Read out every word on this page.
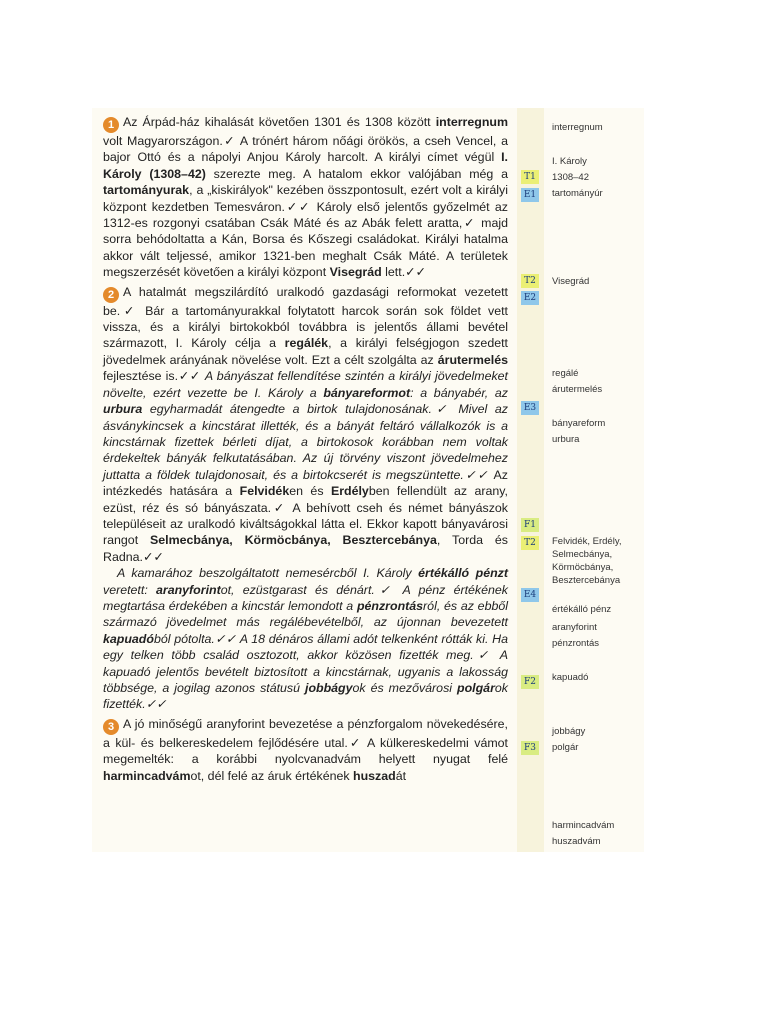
1 Az Árpád-ház kihalását követően 1301 és 1308 között interregnum volt Magyarországon.✓ A trónért három nőági örökös, a cseh Vencel, a bajor Ottó és a nápolyi Anjou Károly harcolt. A királyi címet végül I. Károly (1308–42) szerezte meg. A hatalom ekkor valójában még a tartományurak, a „kiskirályok" kezében összpontosult, ezért volt a királyi központ kezdetben Temesváron.✓✓ Károly első jelentős győzelmét az 1312-es rozgonyi csatában Csák Máté és az Abák felett aratta,✓ majd sorra behódoltatta a Kán, Borsa és Kőszegi családokat. Királyi hatalma akkor vált teljessé, amikor 1321-ben meghalt Csák Máté. A területek megszerzését követően a királyi központ Visegrád lett.✓✓

2 A hatalmát megszilárdító uralkodó gazdasági reformokat vezetett be.✓ Bár a tartományurakkal folytatott harcok során sok földet vett vissza, és a királyi birtokokból továbbra is jelentős állami bevétel származott, I. Károly célja a regálék, a királyi felségjogon szedett jövedelmek arányának növelése volt. Ezt a célt szolgálta az árutermelés fejlesztése is.✓✓ A bányászat fellendítése szintén a királyi jövedelmeket növelte, ezért vezette be I. Károly a bányareformot: a bányabér, az urbura egyharmadát átengedte a birtok tulajdonosának.✓ Mivel az ásványkincsek a kincstárat illették, és a bányát feltáró vállalkozók is a kincstárnak fizettek bérleti díjat, a birtokosok korábban nem voltak érdekeltek bányák felkutatásában. Az új törvény viszont jövedelmehez juttatta a földek tulajdonosait, és a birtokcserét is megszüntette.✓✓ Az intézkedés hatására a Felvidéken és Erdélyben fellendült az arany, ezüst, réz és só bányászata.✓ A behívott cseh és német bányászok településeit az uralkodó kiváltságokkal látta el. Ekkor kapott bányavárosi rangot Selmecbánya, Körmöcbánya, Besztercebánya, Torda és Radna.✓✓

A kamarához beszolgáltatott nemesércből I. Károly értékálló pénzt veretett: aranyforintot, ezüstgarast és dénárt.✓ A pénz értékének megtartása érdekében a kincstár lemondott a pénzrontásról, és az ebből származó jövedelmet más regálébevételből, az újonnan bevezetett kapuadóból pótolta.✓✓ A 18 dénáros állami adót telkenként rótták ki. Ha egy telken több család osztozott, akkor közösen fizették meg.✓ A kapuadó jelentős bevételt biztosított a kincstárnak, ugyanis a lakosság többsége, a jogilag azonos státusú jobbágyok és mezővárosi polgárok fizették.✓✓

3 A jó minőségű aranyforint bevezetése a pénzforgalom növekedésére, a kül- és belkereskedelem fejlődésére utal.✓ A külkereskedelmi vámot megemelték: a korábbi nyolcvanadvám helyett nyugat felé harmincadvámot, dél felé az áruk értékének huszadát

T1
E1
T2
E2
E3
F1
T2
E4
F2
F3
interregnum
I. Károly
1308–42
tartományúr
Visegrád
regálé
árutermelés
bányareform
urbura
Felvidék, Erdély,
Selmecbánya,
Körmöcbánya,
Besztercebánya
értékálló pénz
aranyforint
pénzrontás
kapuadó
jobbágy
polgár
harmincadvám
huszadvám
